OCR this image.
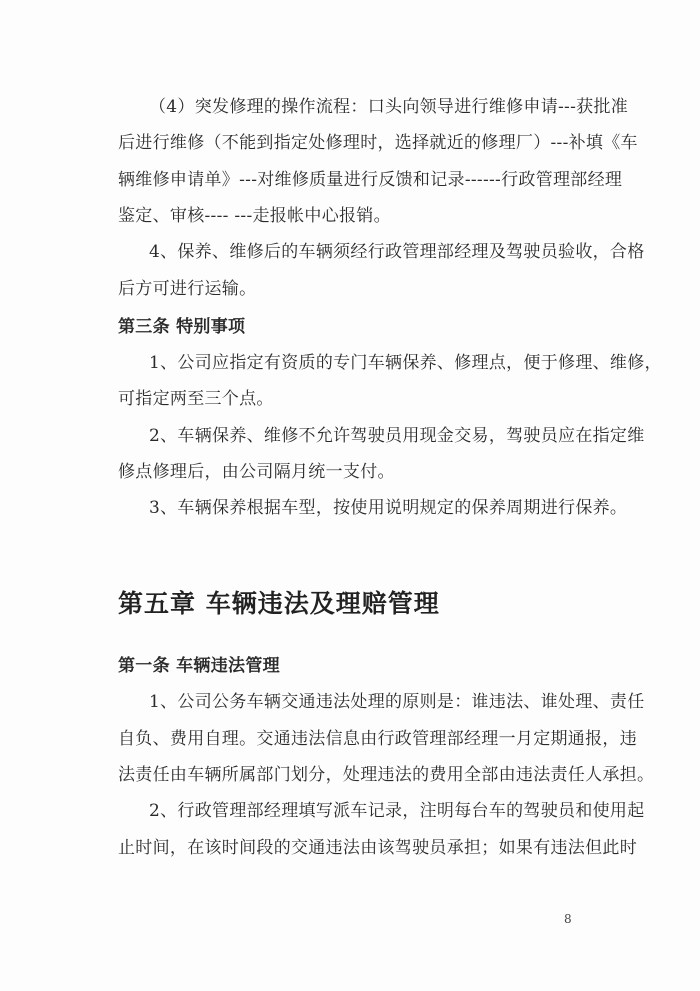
（4）突发修理的操作流程：口头向领导进行维修申请---获批准
后进行维修（不能到指定处修理时，选择就近的修理厂）---补填《车
辆维修申请单》---对维修质量进行反馈和记录------行政管理部经理
鉴定、审核---- ---走报帐中心报销。
4、保养、维修后的车辆须经行政管理部经理及驾驶员验收，合格
后方可进行运输。
第三条 特别事项
1、公司应指定有资质的专门车辆保养、修理点，便于修理、维修，
可指定两至三个点。
2、车辆保养、维修不允许驾驶员用现金交易，驾驶员应在指定维
修点修理后，由公司隔月统一支付。
3、车辆保养根据车型，按使用说明规定的保养周期进行保养。
第五章 车辆违法及理赔管理
第一条 车辆违法管理
1、公司公务车辆交通违法处理的原则是：谁违法、谁处理、责任
自负、费用自理。交通违法信息由行政管理部经理一月定期通报，违
法责任由车辆所属部门划分，处理违法的费用全部由违法责任人承担。
2、行政管理部经理填写派车记录，注明每台车的驾驶员和使用起
止时间，在该时间段的交通违法由该驾驶员承担；如果有违法但此时
8
